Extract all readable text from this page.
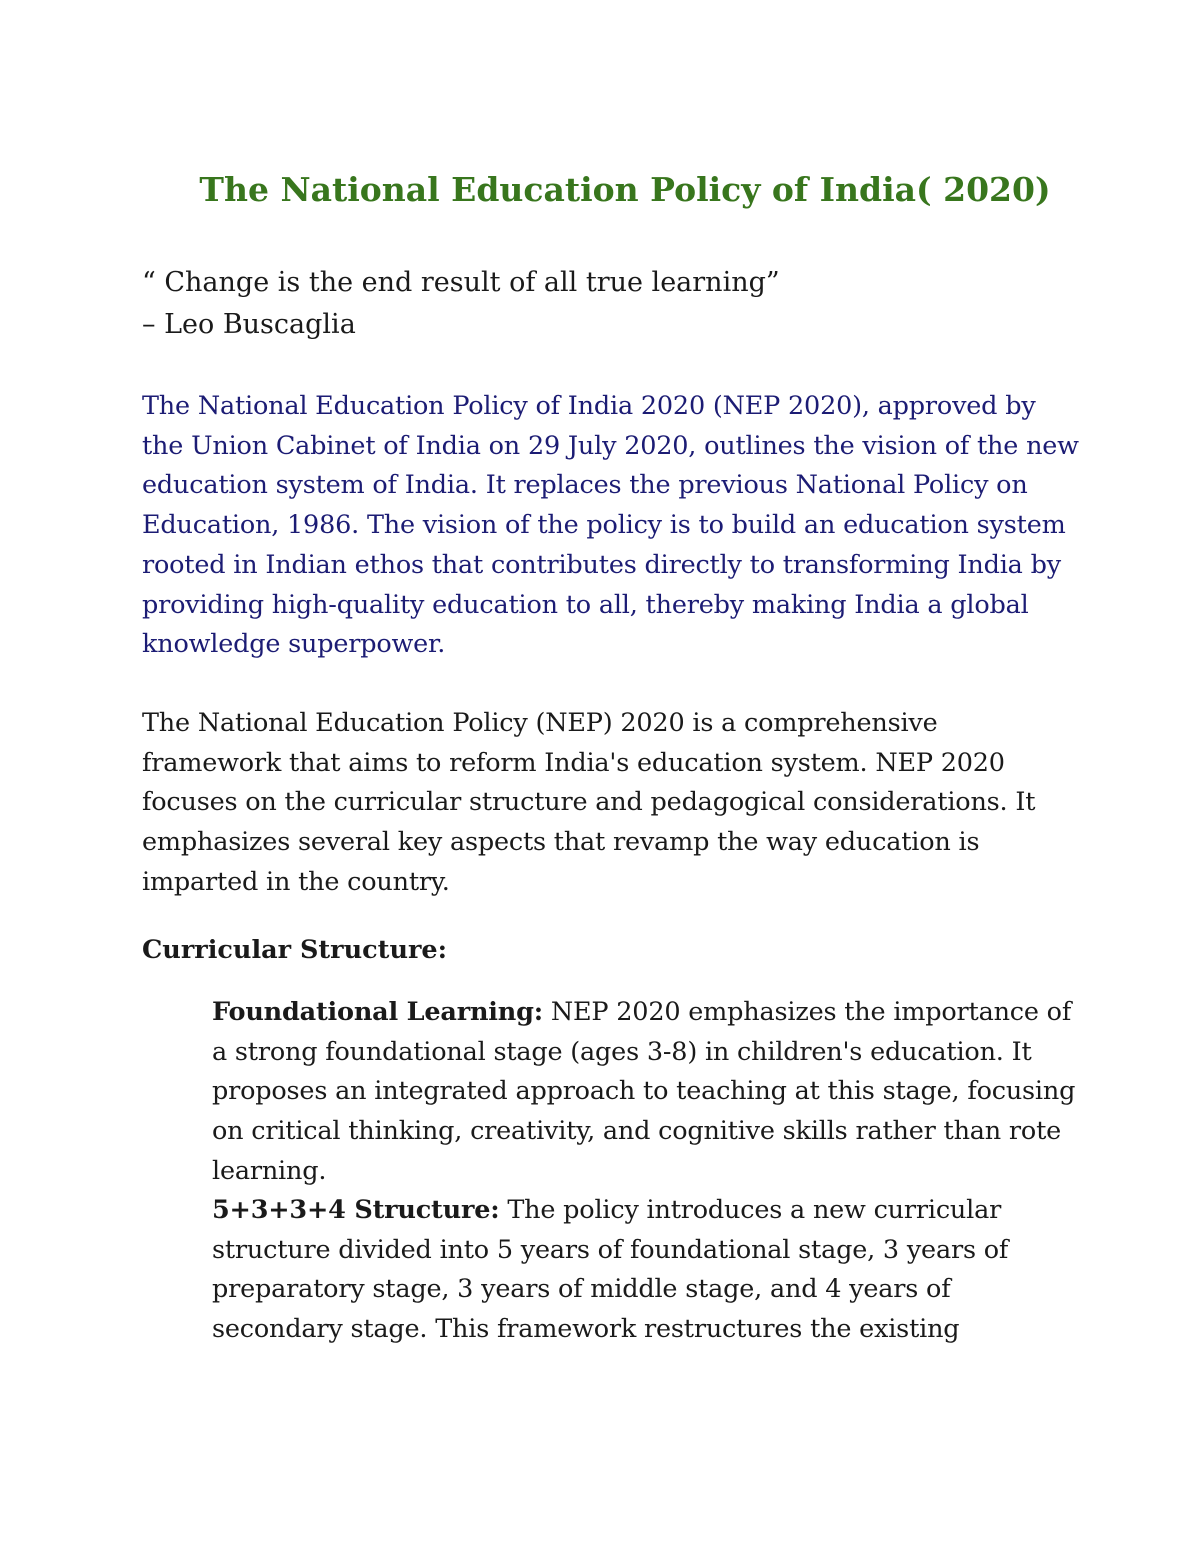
The National Education Policy of India( 2020)
“ Change is the end result of all true learning”
– Leo Buscaglia

The National Education Policy of India 2020 (NEP 2020), approved by the Union Cabinet of India on 29 July 2020, outlines the vision of the new education system of India. It replaces the previous National Policy on Education, 1986. The vision of the policy is to build an education system rooted in Indian ethos that contributes directly to transforming India by providing high-quality education to all, thereby making India a global knowledge superpower.

The National Education Policy (NEP) 2020 is a comprehensive framework that aims to reform India's education system. NEP 2020 focuses on the curricular structure and pedagogical considerations. It emphasizes several key aspects that revamp the way education is imparted in the country.

Curricular Structure:

Foundational Learning: NEP 2020 emphasizes the importance of a strong foundational stage (ages 3-8) in children's education. It proposes an integrated approach to teaching at this stage, focusing on critical thinking, creativity, and cognitive skills rather than rote learning.

5+3+3+4 Structure: The policy introduces a new curricular structure divided into 5 years of foundational stage, 3 years of preparatory stage, 3 years of middle stage, and 4 years of secondary stage. This framework restructures the existing
